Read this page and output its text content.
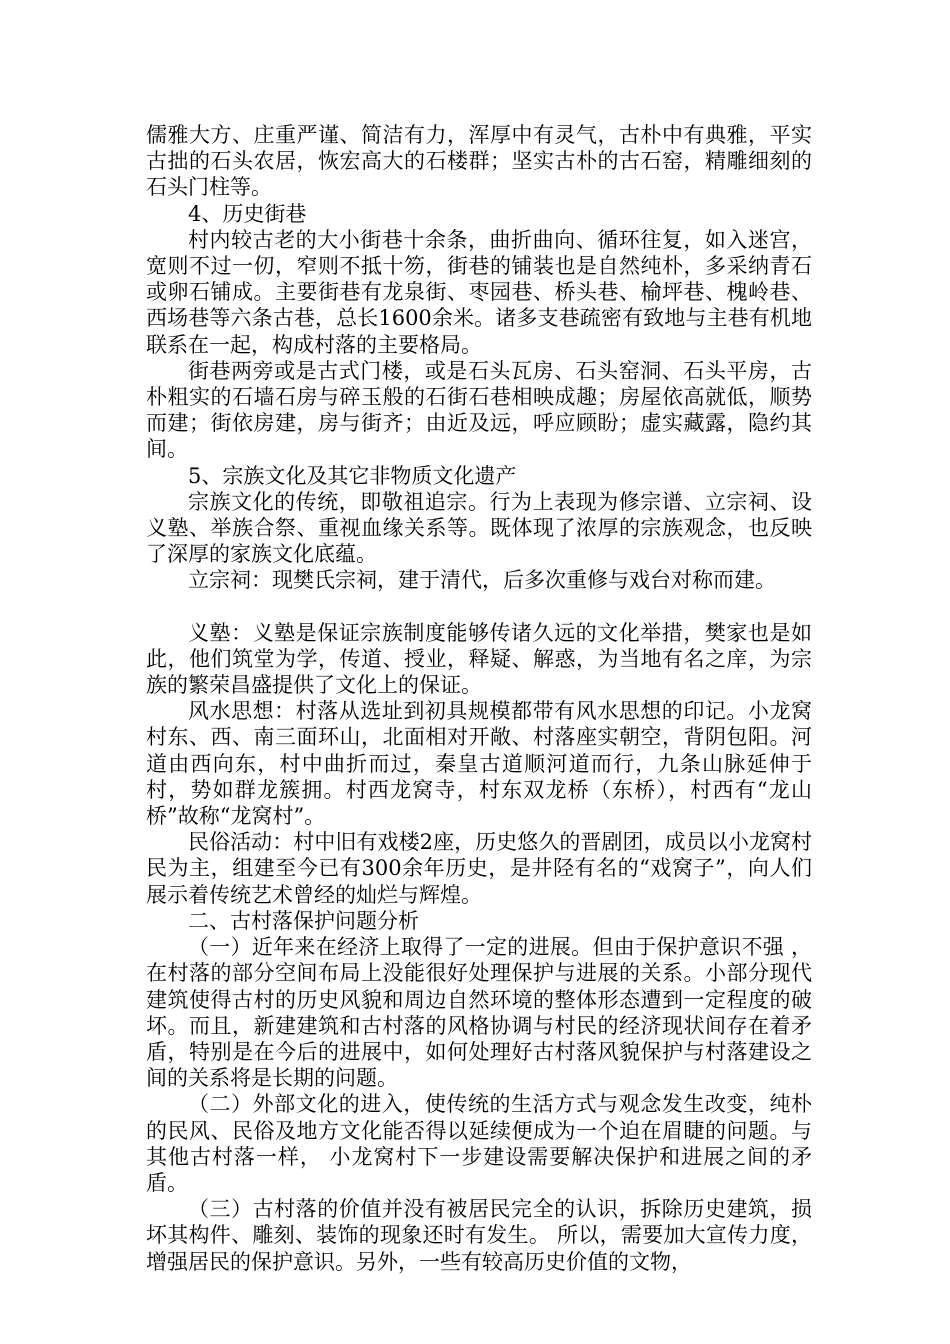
儒雅大方、庄重严谨、简洁有力，浑厚中有灵气，古朴中有典雅，平实古拙的石头农居，恢宏高大的石楼群；坚实古朴的古石窑，精雕细刻的石头门柱等。

4、历史街巷

村内较古老的大小街巷十余条，曲折曲向、循环往复，如入迷宫，宽则不过一仞，窄则不抵十笏，街巷的铺装也是自然纯朴，多采纳青石或卵石铺成。主要街巷有龙泉街、枣园巷、桥头巷、榆坪巷、槐岭巷、西场巷等六条古巷，总长1600余米。诸多支巷疏密有致地与主巷有机地联系在一起，构成村落的主要格局。

街巷两旁或是古式门楼，或是石头瓦房、石头窑洞、石头平房，古朴粗实的石墙石房与碎玉般的石街石巷相映成趣；房屋依高就低，顺势而建；街依房建，房与街齐；由近及远，呼应顾盼；虚实藏露，隐约其间。

5、宗族文化及其它非物质文化遗产

宗族文化的传统，即敬祖追宗。行为上表现为修宗谱、立宗祠、设义塾、举族合祭、重视血缘关系等。既体现了浓厚的宗族观念，也反映了深厚的家族文化底蕴。

立宗祠：现樊氏宗祠，建于清代，后多次重修与戏台对称而建。

义塾：义塾是保证宗族制度能够传诸久远的文化举措，樊家也是如此，他们筑堂为学，传道、授业，释疑、解惑，为当地有名之庠，为宗族的繁荣昌盛提供了文化上的保证。

风水思想：村落从选址到初具规模都带有风水思想的印记。小龙窝村东、西、南三面环山，北面相对开敞、村落座实朝空，背阴包阳。河道由西向东，村中曲折而过，秦皇古道顺河道而行，九条山脉延伸于村，势如群龙簇拥。村西龙窝寺，村东双龙桥（东桥），村西有“龙山桥”故称“龙窝村”。

民俗活动：村中旧有戏楼2座，历史悠久的晋剧团，成员以小龙窝村民为主，组建至今已有300余年历史，是井陉有名的“戏窝子”，向人们展示着传统艺术曾经的灿烂与辉煌。

二、古村落保护问题分析

（一）近年来在经济上取得了一定的进展。但由于保护意识不强 ，在村落的部分空间布局上没能很好处理保护与进展的关系。小部分现代建筑使得古村的历史风貌和周边自然环境的整体形态遭到一定程度的破坏。而且，新建建筑和古村落的风格协调与村民的经济现状间存在着矛盾，特别是在今后的进展中，如何处理好古村落风貌保护与村落建设之间的关系将是长期的问题。

（二）外部文化的进入，使传统的生活方式与观念发生改变，纯朴的民风、民俗及地方文化能否得以延续便成为一个迫在眉睫的问题。与其他古村落一样， 小龙窝村下一步建设需要解决保护和进展之间的矛盾。

（三）古村落的价值并没有被居民完全的认识，拆除历史建筑，损坏其构件、雕刻、装饰的现象还时有发生。 所以，需要加大宣传力度，增强居民的保护意识。另外，一些有较高历史价值的文物，
